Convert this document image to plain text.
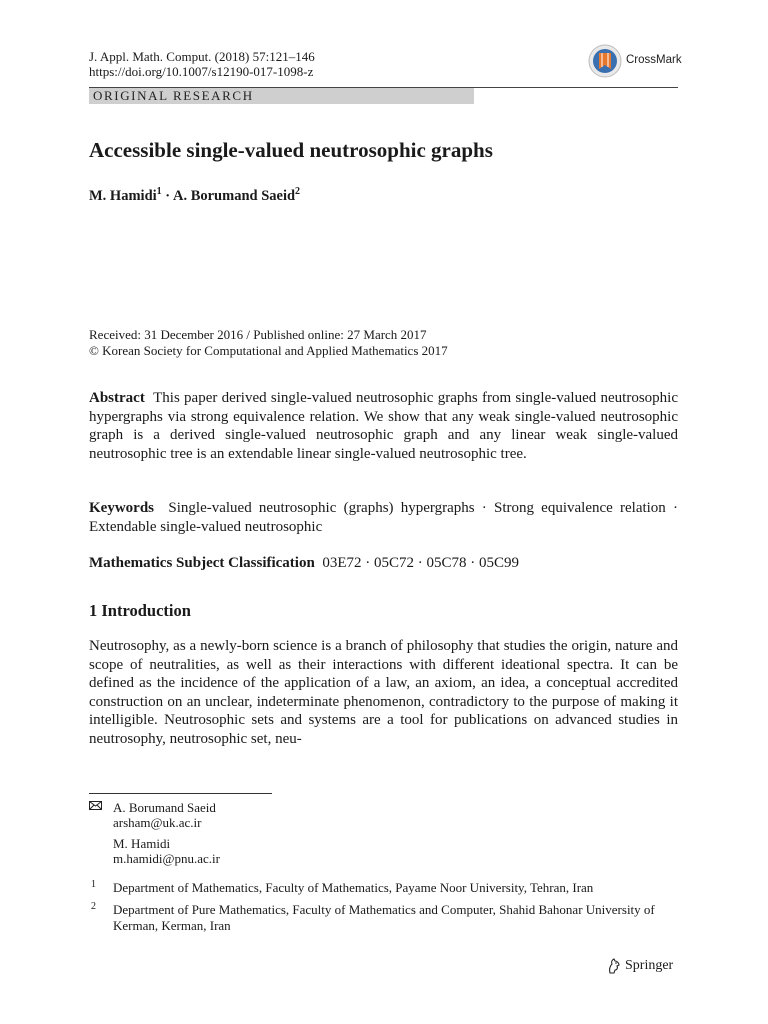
J. Appl. Math. Comput. (2018) 57:121–146
https://doi.org/10.1007/s12190-017-1098-z
CrossMark
ORIGINAL RESEARCH
Accessible single-valued neutrosophic graphs
M. Hamidi$^1$ · A. Borumand Saeid$^2$
Received: 31 December 2016 / Published online: 27 March 2017
© Korean Society for Computational and Applied Mathematics 2017
Abstract This paper derived single-valued neutrosophic graphs from single-valued neutrosophic hypergraphs via strong equivalence relation. We show that any weak single-valued neutrosophic graph is a derived single-valued neutrosophic graph and any linear weak single-valued neutrosophic tree is an extendable linear single-valued neutrosophic tree.
Keywords Single-valued neutrosophic (graphs) hypergraphs · Strong equivalence relation · Extendable single-valued neutrosophic
Mathematics Subject Classification 03E72 · 05C72 · 05C78 · 05C99
1 Introduction
Neutrosophy, as a newly-born science is a branch of philosophy that studies the origin, nature and scope of neutralities, as well as their interactions with different ideational spectra. It can be defined as the incidence of the application of a law, an axiom, an idea, a conceptual accredited construction on an unclear, indeterminate phenomenon, contradictory to the purpose of making it intelligible. Neutrosophic sets and systems are a tool for publications on advanced studies in neutrosophy, neutrosophic set, neu-
A. Borumand Saeid
arsham@uk.ac.ir
M. Hamidi
m.hamidi@pnu.ac.ir
1 Department of Mathematics, Faculty of Mathematics, Payame Noor University, Tehran, Iran
2 Department of Pure Mathematics, Faculty of Mathematics and Computer, Shahid Bahonar University of Kerman, Kerman, Iran
Springer
